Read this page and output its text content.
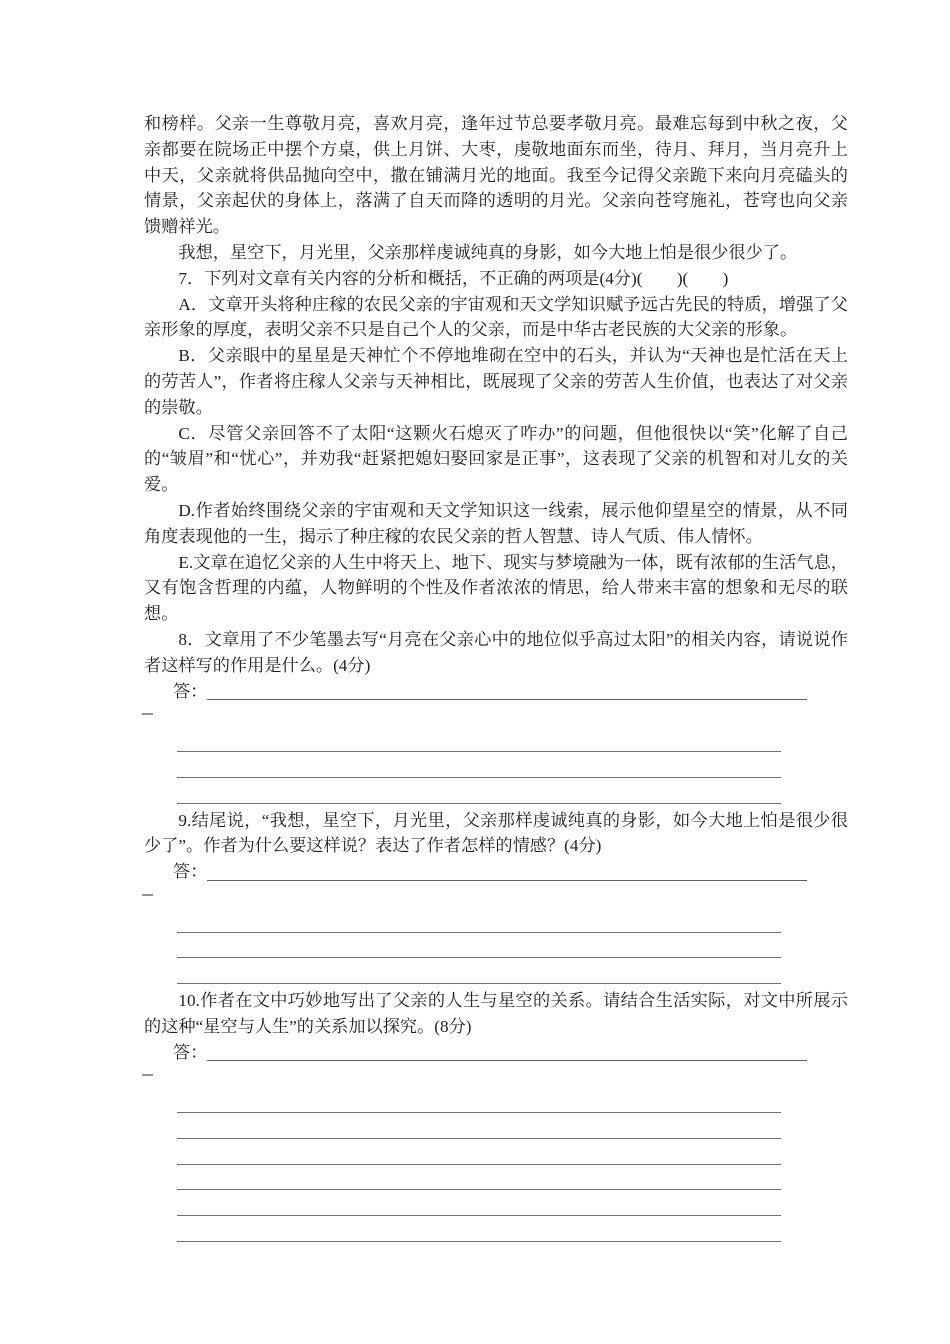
和榜样。父亲一生尊敬月亮，喜欢月亮，逢年过节总要孝敬月亮。最难忘每到中秋之夜，父亲都要在院场正中摆个方桌，供上月饼、大枣，虔敬地面东而坐，待月、拜月，当月亮升上中天，父亲就将供品抛向空中，撒在铺满月光的地面。我至今记得父亲跪下来向月亮磕头的情景，父亲起伏的身体上，落满了自天而降的透明的月光。父亲向苍穹施礼，苍穹也向父亲馈赠祥光。

我想，星空下，月光里，父亲那样虔诚纯真的身影，如今大地上怕是很少很少了。

7．下列对文章有关内容的分析和概括，不正确的两项是(4分)(　　)(　　)

A．文章开头将种庄稼的农民父亲的宇宙观和天文学知识赋予远古先民的特质，增强了父亲形象的厚度，表明父亲不只是自己个人的父亲，而是中华古老民族的大父亲的形象。

B．父亲眼中的星星是天神忙个不停地堆砌在空中的石头，并认为“天神也是忙活在天上的劳苦人”，作者将庄稼人父亲与天神相比，既展现了父亲的劳苦人生价值，也表达了对父亲的崇敬。

C．尽管父亲回答不了太阳“这颗火石熄灭了咋办”的问题，但他很快以“笑”化解了自己的“皱眉”和“忧心”，并劝我“赶紧把媳妇娶回家是正事”，这表现了父亲的机智和对儿女的关爱。

D.作者始终围绕父亲的宇宙观和天文学知识这一线索，展示他仰望星空的情景，从不同角度表现他的一生，揭示了种庄稼的农民父亲的哲人智慧、诗人气质、伟人情怀。

E.文章在追忆父亲的人生中将天上、地下、现实与梦境融为一体，既有浓郁的生活气息，又有饱含哲理的内蕴，人物鲜明的个性及作者浓浓的情思，给人带来丰富的想象和无尽的联想。

8．文章用了不少笔墨去写“月亮在父亲心中的地位似乎高过太阳”的相关内容，请说说作者这样写的作用是什么。(4分)

答：

9.结尾说，“我想，星空下，月光里，父亲那样虔诚纯真的身影，如今大地上怕是很少很少了”。作者为什么要这样说？表达了作者怎样的情感？(4分)

答：

10.作者在文中巧妙地写出了父亲的人生与星空的关系。请结合生活实际，对文中所展示的这种“星空与人生”的关系加以探究。(8分)

答：
